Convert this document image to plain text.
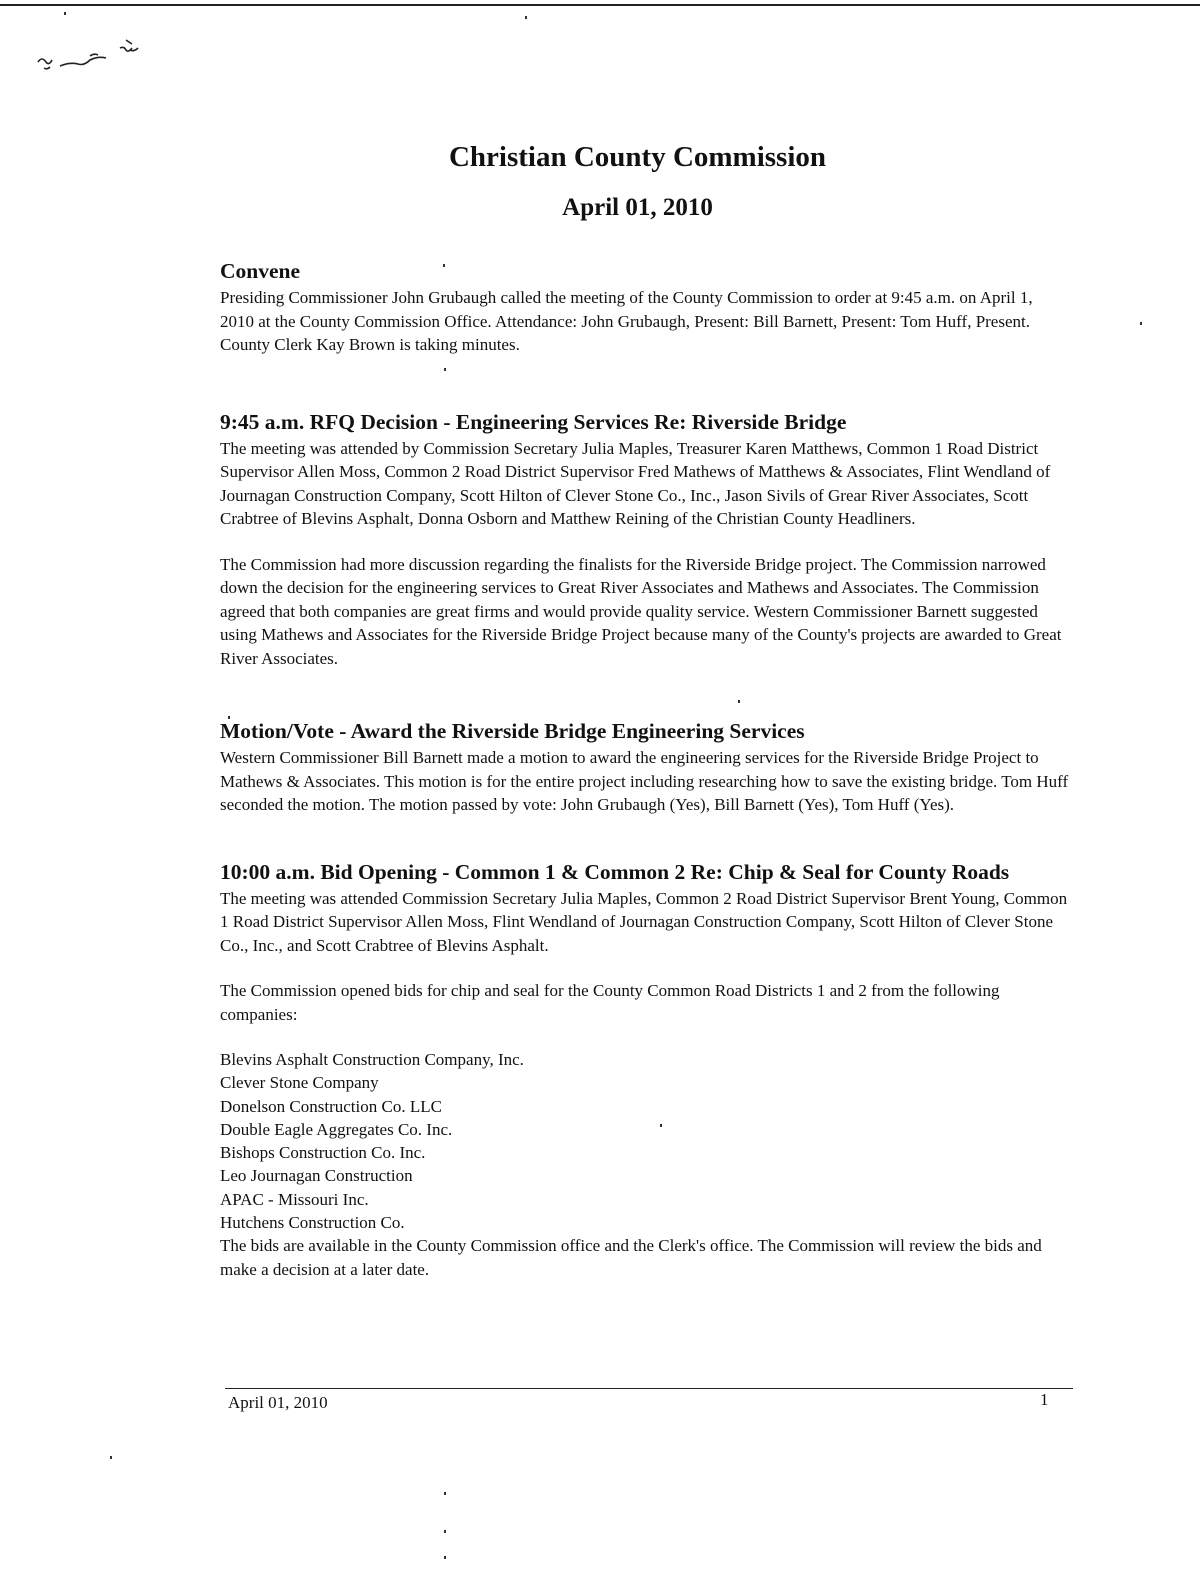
Christian County Commission
April 01, 2010
Convene

Presiding Commissioner John Grubaugh called the meeting of the County Commission to order at 9:45 a.m. on April 1, 2010 at the County Commission Office. Attendance: John Grubaugh, Present: Bill Barnett, Present: Tom Huff, Present. County Clerk Kay Brown is taking minutes.

9:45 a.m. RFQ Decision - Engineering Services Re: Riverside Bridge

The meeting was attended by Commission Secretary Julia Maples, Treasurer Karen Matthews, Common 1 Road District Supervisor Allen Moss, Common 2 Road District Supervisor Fred Mathews of Matthews & Associates, Flint Wendland of Journagan Construction Company, Scott Hilton of Clever Stone Co., Inc., Jason Sivils of Grear River Associates, Scott Crabtree of Blevins Asphalt, Donna Osborn and Matthew Reining of the Christian County Headliners.

The Commission had more discussion regarding the finalists for the Riverside Bridge project. The Commission narrowed down the decision for the engineering services to Great River Associates and Mathews and Associates. The Commission agreed that both companies are great firms and would provide quality service. Western Commissioner Barnett suggested using Mathews and Associates for the Riverside Bridge Project because many of the County's projects are awarded to Great River Associates.

Motion/Vote - Award the Riverside Bridge Engineering Services

Western Commissioner Bill Barnett made a motion to award the engineering services for the Riverside Bridge Project to Mathews & Associates. This motion is for the entire project including researching how to save the existing bridge. Tom Huff seconded the motion. The motion passed by vote: John Grubaugh (Yes), Bill Barnett (Yes), Tom Huff (Yes).

10:00 a.m. Bid Opening - Common 1 & Common 2 Re: Chip & Seal for County Roads

The meeting was attended Commission Secretary Julia Maples, Common 2 Road District Supervisor Brent Young, Common 1 Road District Supervisor Allen Moss, Flint Wendland of Journagan Construction Company, Scott Hilton of Clever Stone Co., Inc., and Scott Crabtree of Blevins Asphalt.

The Commission opened bids for chip and seal for the County Common Road Districts 1 and 2 from the following companies:

Blevins Asphalt Construction Company, Inc.
Clever Stone Company
Donelson Construction Co. LLC
Double Eagle Aggregates Co. Inc.
Bishops Construction Co. Inc.
Leo Journagan Construction
APAC - Missouri Inc.
Hutchens Construction Co.

The bids are available in the County Commission office and the Clerk's office. The Commission will review the bids and make a decision at a later date.

April 01, 2010	1
